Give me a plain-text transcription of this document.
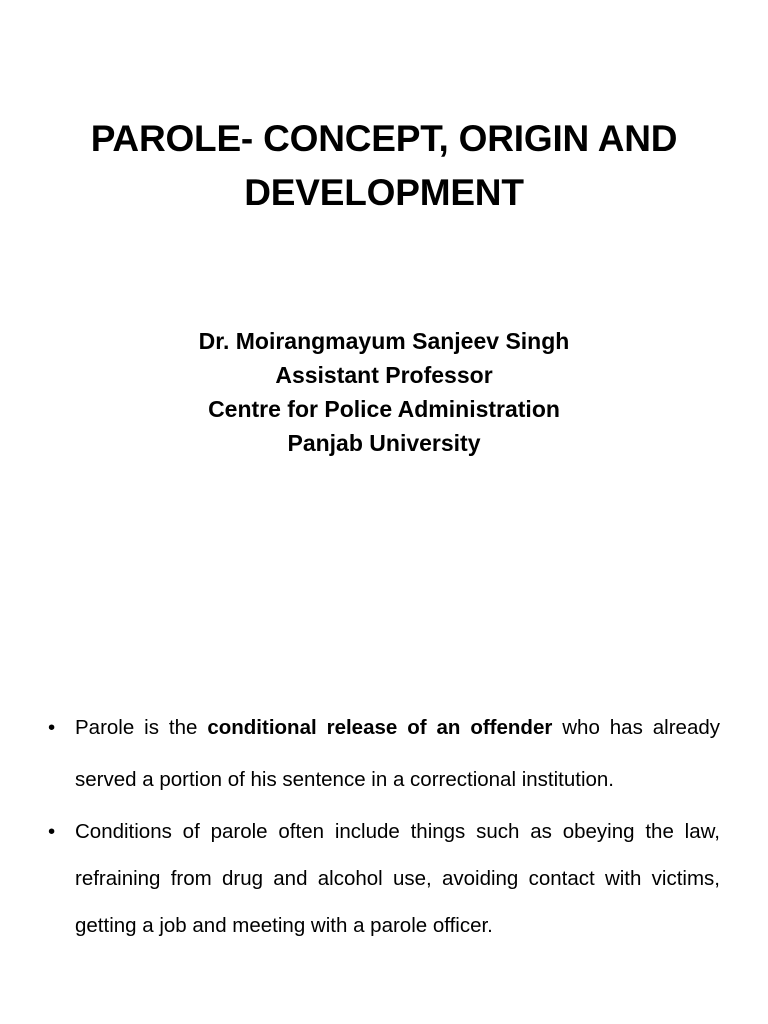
PAROLE- CONCEPT, ORIGIN AND
DEVELOPMENT
Dr. Moirangmayum Sanjeev Singh
Assistant Professor
Centre for Police Administration
Panjab University
• Parole is the conditional release of an offender who has already served a portion of his sentence in a correctional institution.
• Conditions of parole often include things such as obeying the law, refraining from drug and alcohol use, avoiding contact with victims, getting a job and meeting with a parole officer.
